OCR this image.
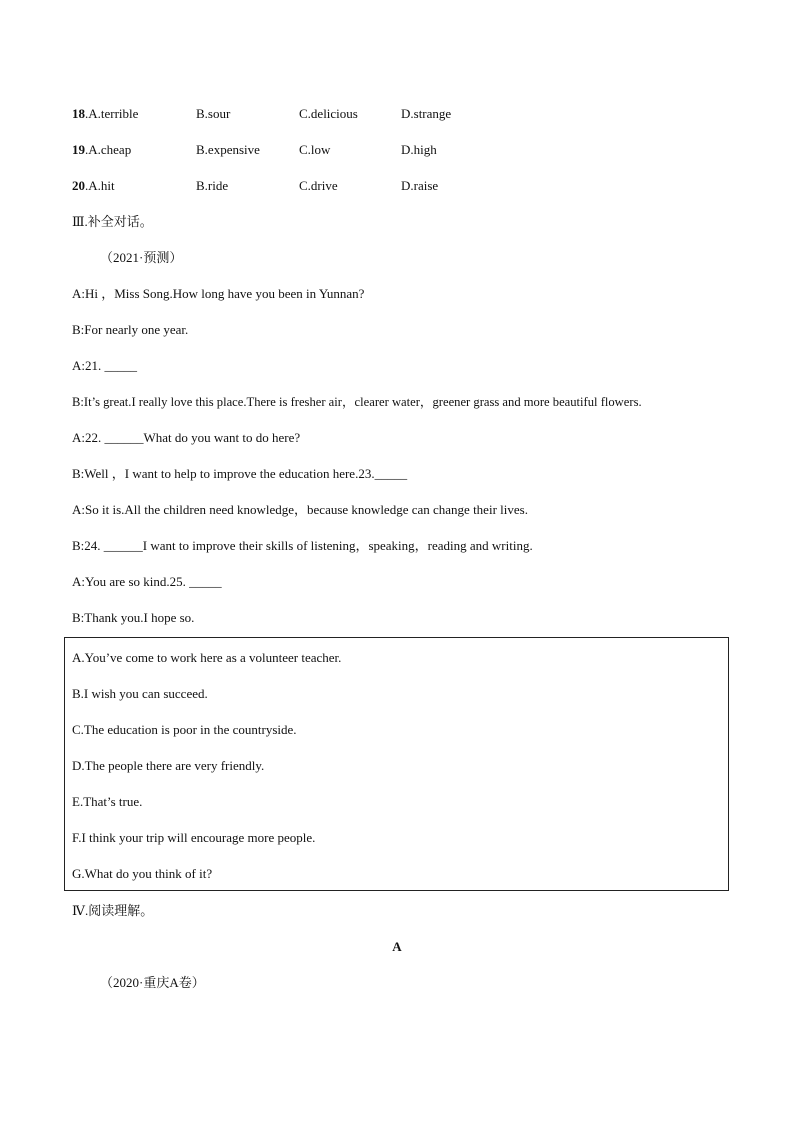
18.A.terrible	B.sour	C.delicious	D.strange
19.A.cheap	B.expensive	C.low	D.high
20.A.hit	B.ride	C.drive	D.raise
Ⅲ.补全对话。
（2021·预测）
A:Hi ，Miss Song.How long have you been in Yunnan?
B:For nearly one year.
A:21. _____
B:It’s great.I really love this place.There is fresher air，clearer water，greener grass and more beautiful flowers.
A:22. ______What do you want to do here?
B:Well ，I want to help to improve the education here.23._____
A:So it is.All the children need knowledge，because knowledge can change their lives.
B:24. ______I want to improve their skills of listening，speaking，reading and writing.
A:You are so kind.25. _____
B:Thank you.I hope so.
A.You’ve come to work here as a volunteer teacher.
B.I wish you can succeed.
C.The education is poor in the countryside.
D.The people there are very friendly.
E.That’s true.
F.I think your trip will encourage more people.
G.What do you think of it?
Ⅳ.阅读理解。
A
（2020·重庆A卷）
